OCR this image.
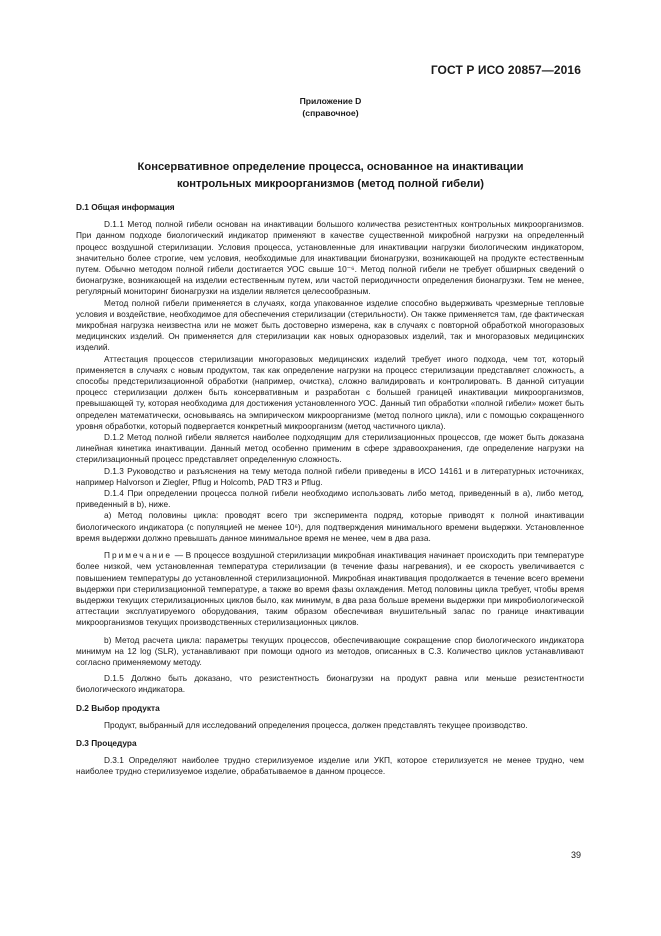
ГОСТ Р ИСО 20857—2016
Приложение D
(справочное)
Консервативное определение процесса, основанное на инактивации
контрольных микроорганизмов (метод полной гибели)
D.1 Общая информация

D.1.1 Метод полной гибели основан на инактивации большого количества резистентных контрольных микроорганизмов. При данном подходе биологический индикатор применяют в качестве существенной микробной нагрузки на определенный процесс воздушной стерилизации. Условия процесса, установленные для инактивации нагрузки биологическим индикатором, значительно более строгие, чем условия, необходимые для инактивации бионагрузки, возникающей на продукте естественным путем. Обычно методом полной гибели достигается УОС свыше 10⁻⁶. Метод полной гибели не требует обширных сведений о бионагрузке, возникающей на изделии естественным путем, или частой периодичности определения бионагрузки. Тем не менее, регулярный мониторинг бионагрузки на изделии является целесообразным.

Метод полной гибели применяется в случаях, когда упакованное изделие способно выдерживать чрезмерные тепловые условия и воздействие, необходимое для обеспечения стерилизации (стерильности). Он также применяется там, где фактическая микробная нагрузка неизвестна или не может быть достоверно измерена, как в случаях с повторной обработкой многоразовых медицинских изделий. Он применяется для стерилизации как новых одноразовых изделий, так и многоразовых медицинских изделий.

Аттестация процессов стерилизации многоразовых медицинских изделий требует иного подхода, чем тот, который применяется в случаях с новым продуктом, так как определение нагрузки на процесс стерилизации представляет сложность, а способы предстерилизационной обработки (например, очистка), сложно валидировать и контролировать. В данной ситуации процесс стерилизации должен быть консервативным и разработан с большей границей инактивации микроорганизмов, превышающей ту, которая необходима для достижения установленного УОС. Данный тип обработки «полной гибели» может быть определен математически, основываясь на эмпирическом микроорганизме (метод полного цикла), или с помощью сокращенного уровня обработки, который подвергается конкретный микроорганизм (метод частичного цикла).

D.1.2 Метод полной гибели является наиболее подходящим для стерилизационных процессов, где может быть доказана линейная кинетика инактивации. Данный метод особенно применим в сфере здравоохранения, где определение нагрузки на стерилизационный процесс представляет определенную сложность.

D.1.3 Руководство и разъяснения на тему метода полной гибели приведены в ИСО 14161 и в литературных источниках, например Halvorson и Ziegler, Pflug и Holcomb, PAD TR3 и Pflug.

D.1.4 При определении процесса полной гибели необходимо использовать либо метод, приведенный в а), либо метод, приведенный в b), ниже.

a) Метод половины цикла: проводят всего три эксперимента подряд, которые приводят к полной инактивации биологического индикатора (с популяцией не менее 10⁶), для подтверждения минимального времени выдержки. Установленное время выдержки должно превышать данное минимальное время не менее, чем в два раза.

Примечание — В процессе воздушной стерилизации микробная инактивация начинает происходить при температуре более низкой, чем установленная температура стерилизации (в течение фазы нагревания), и ее скорость увеличивается с повышением температуры до установленной стерилизационной. Микробная инактивация продолжается в течение всего времени выдержки при стерилизационной температуре, а также во время фазы охлаждения. Метод половины цикла требует, чтобы время выдержки текущих стерилизационных циклов было, как минимум, в два раза больше времени выдержки при микробиологической аттестации эксплуатируемого оборудования, таким образом обеспечивая внушительный запас по границе инактивации микроорганизмов текущих производственных стерилизационных циклов.

b) Метод расчета цикла: параметры текущих процессов, обеспечивающие сокращение спор биологического индикатора минимум на 12 log (SLR), устанавливают при помощи одного из методов, описанных в С.3. Количество циклов устанавливают согласно применяемому методу.

D.1.5 Должно быть доказано, что резистентность бионагрузки на продукт равна или меньше резистентности биологического индикатора.

D.2 Выбор продукта

Продукт, выбранный для исследований определения процесса, должен представлять текущее производство.

D.3 Процедура

D.3.1 Определяют наиболее трудно стерилизуемое изделие или УКП, которое стерилизуется не менее трудно, чем наиболее трудно стерилизуемое изделие, обрабатываемое в данном процессе.

39
